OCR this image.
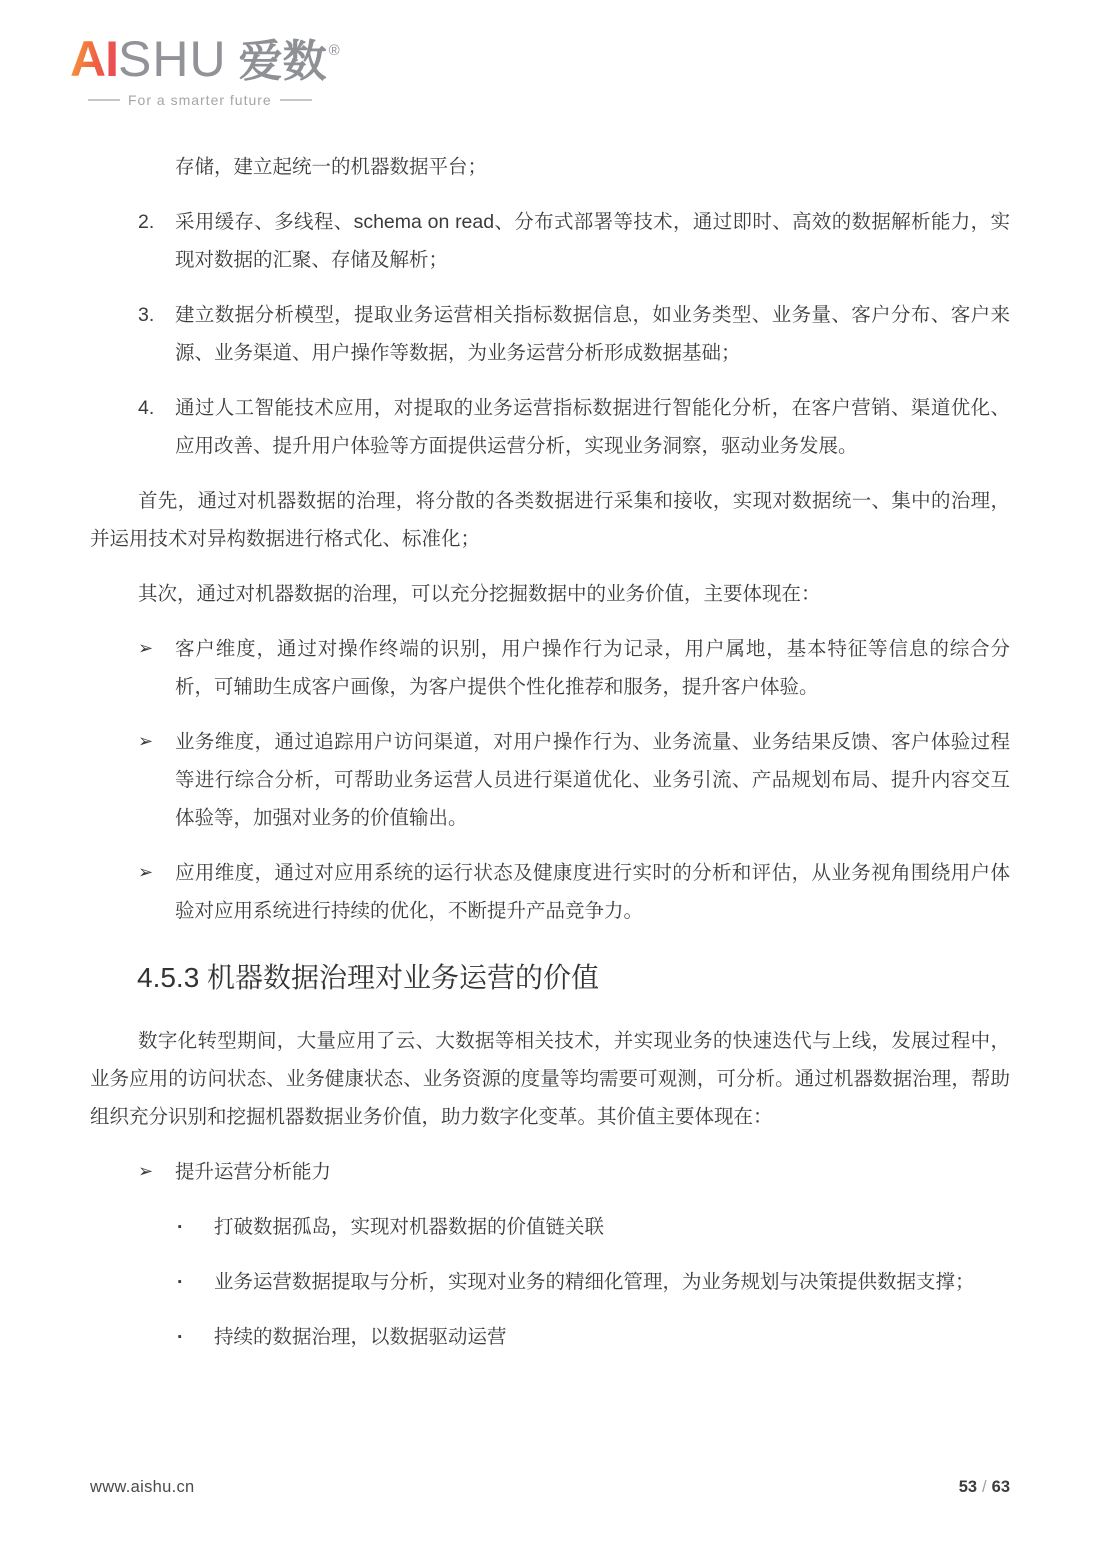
AI SHU 爱数 ®
For a smarter future
存储，建立起统一的机器数据平台；
2.	采用缓存、多线程、schema on read、分布式部署等技术，通过即时、高效的数据解析能力，实现对数据的汇聚、存储及解析；
3.	建立数据分析模型，提取业务运营相关指标数据信息，如业务类型、业务量、客户分布、客户来源、业务渠道、用户操作等数据，为业务运营分析形成数据基础；
4.	通过人工智能技术应用，对提取的业务运营指标数据进行智能化分析，在客户营销、渠道优化、应用改善、提升用户体验等方面提供运营分析，实现业务洞察，驱动业务发展。

首先，通过对机器数据的治理，将分散的各类数据进行采集和接收，实现对数据统一、集中的治理，并运用技术对异构数据进行格式化、标准化；

其次，通过对机器数据的治理，可以充分挖掘数据中的业务价值，主要体现在：

➢	客户维度，通过对操作终端的识别，用户操作行为记录，用户属地，基本特征等信息的综合分析，可辅助生成客户画像，为客户提供个性化推荐和服务，提升客户体验。
➢	业务维度，通过追踪用户访问渠道，对用户操作行为、业务流量、业务结果反馈、客户体验过程等进行综合分析，可帮助业务运营人员进行渠道优化、业务引流、产品规划布局、提升内容交互体验等，加强对业务的价值输出。
➢	应用维度，通过对应用系统的运行状态及健康度进行实时的分析和评估，从业务视角围绕用户体验对应用系统进行持续的优化，不断提升产品竞争力。
4.5.3 机器数据治理对业务运营的价值

数字化转型期间，大量应用了云、大数据等相关技术，并实现业务的快速迭代与上线，发展过程中，业务应用的访问状态、业务健康状态、业务资源的度量等均需要可观测，可分析。通过机器数据治理，帮助组织充分识别和挖掘机器数据业务价值，助力数字化变革。其价值主要体现在：

➢	提升运营分析能力
·	打破数据孤岛，实现对机器数据的价值链关联
·	业务运营数据提取与分析，实现对业务的精细化管理，为业务规划与决策提供数据支撑；
·	持续的数据治理，以数据驱动运营
www.aishu.cn	53 / 63
